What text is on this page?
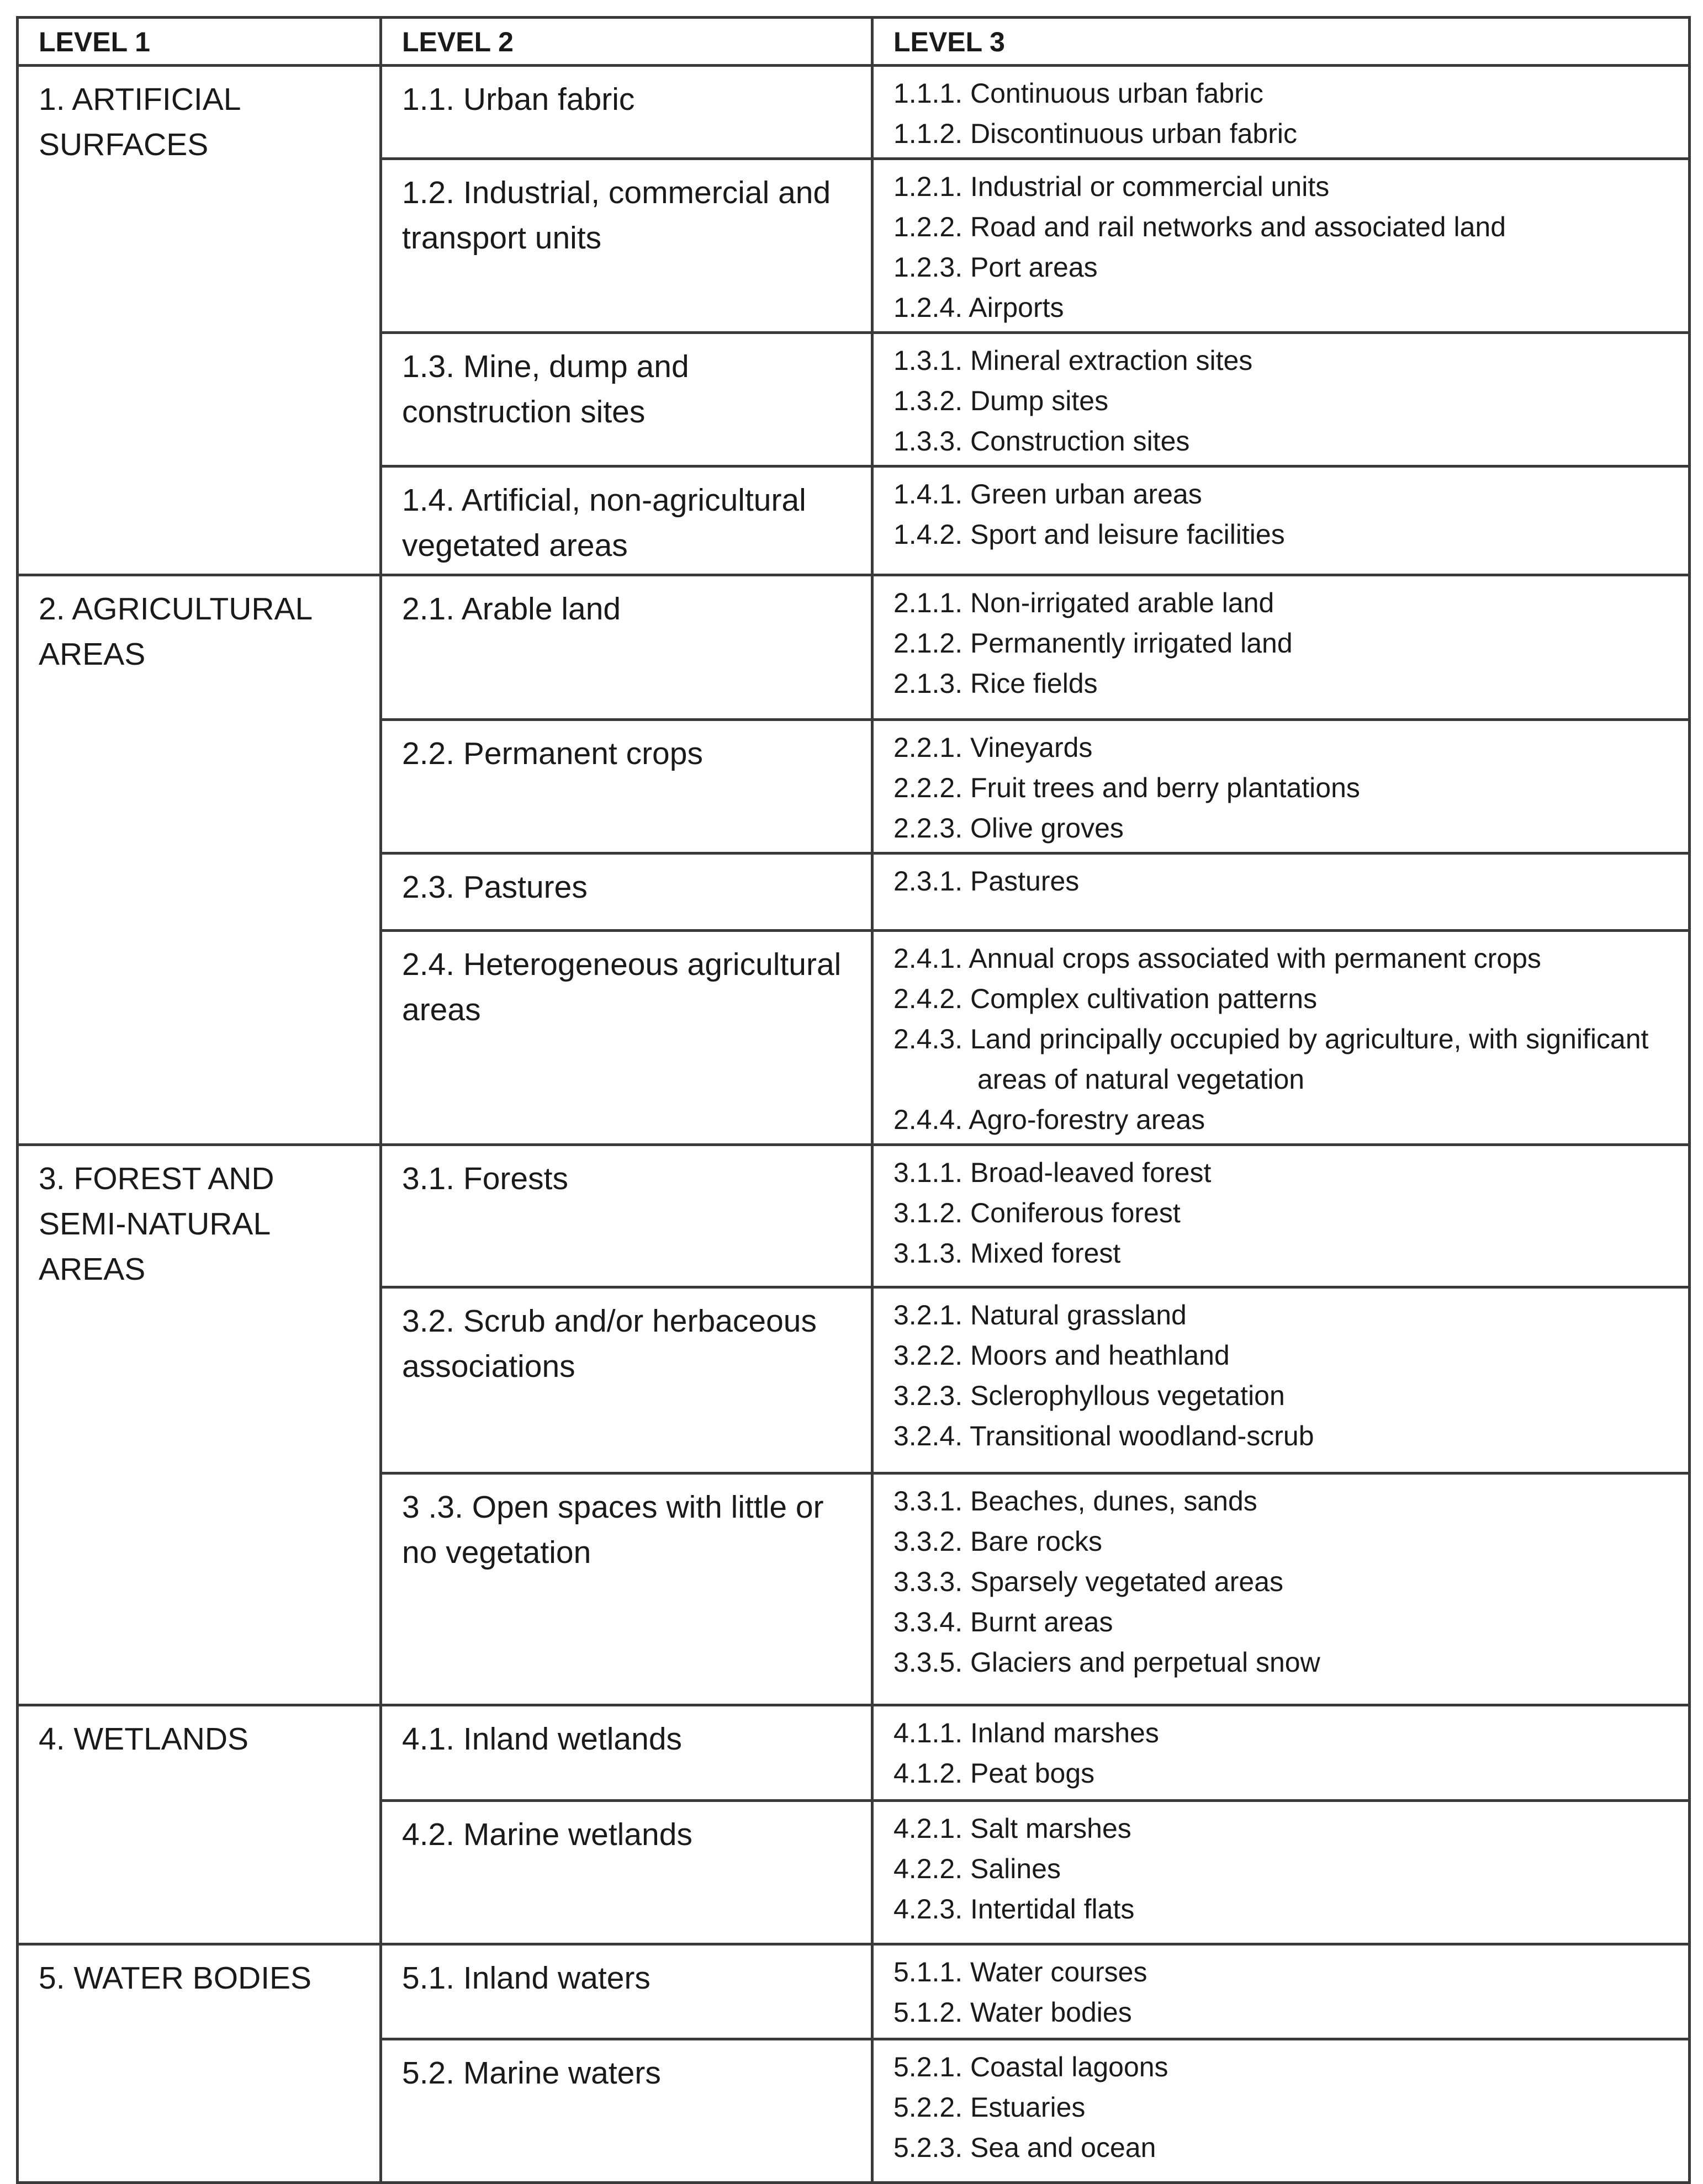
LEVEL 1	LEVEL 2	LEVEL 3
1. ARTIFICIAL SURFACES	1.1. Urban fabric	1.1.1. Continuous urban fabric
1.1.2. Discontinuous urban fabric

	1.2. Industrial, commercial and transport units	1.2.1. Industrial or commercial units
1.2.2. Road and rail networks and associated land
1.2.3. Port areas
1.2.4. Airports

	1.3. Mine, dump and construction sites	1.3.1. Mineral extraction sites
1.3.2. Dump sites
1.3.3. Construction sites

	1.4. Artificial, non-agricultural vegetated areas	1.4.1. Green urban areas
1.4.2. Sport and leisure facilities

2. AGRICULTURAL AREAS	2.1. Arable land	2.1.1. Non-irrigated arable land
2.1.2. Permanently irrigated land
2.1.3. Rice fields

	2.2. Permanent crops	2.2.1. Vineyards
2.2.2. Fruit trees and berry plantations
2.2.3. Olive groves

	2.3. Pastures	2.3.1. Pastures

	2.4. Heterogeneous agricultural areas	2.4.1. Annual crops associated with permanent crops
2.4.2. Complex cultivation patterns
2.4.3. Land principally occupied by agriculture, with significant areas of natural vegetation
2.4.4. Agro-forestry areas

3. FOREST AND SEMI-NATURAL AREAS	3.1. Forests	3.1.1. Broad-leaved forest
3.1.2. Coniferous forest
3.1.3. Mixed forest

	3.2. Scrub and/or herbaceous associations	3.2.1. Natural grassland
3.2.2. Moors and heathland
3.2.3. Sclerophyllous vegetation
3.2.4. Transitional woodland-scrub

	3 .3. Open spaces with little or no vegetation	3.3.1. Beaches, dunes, sands
3.3.2. Bare rocks
3.3.3. Sparsely vegetated areas
3.3.4. Burnt areas
3.3.5. Glaciers and perpetual snow

4. WETLANDS	4.1. Inland wetlands	4.1.1. Inland marshes
4.1.2. Peat bogs

	4.2. Marine wetlands	4.2.1. Salt marshes
4.2.2. Salines
4.2.3. Intertidal flats

5. WATER BODIES	5.1. Inland waters	5.1.1. Water courses
5.1.2. Water bodies

	5.2. Marine waters	5.2.1. Coastal lagoons
5.2.2. Estuaries
5.2.3. Sea and ocean
